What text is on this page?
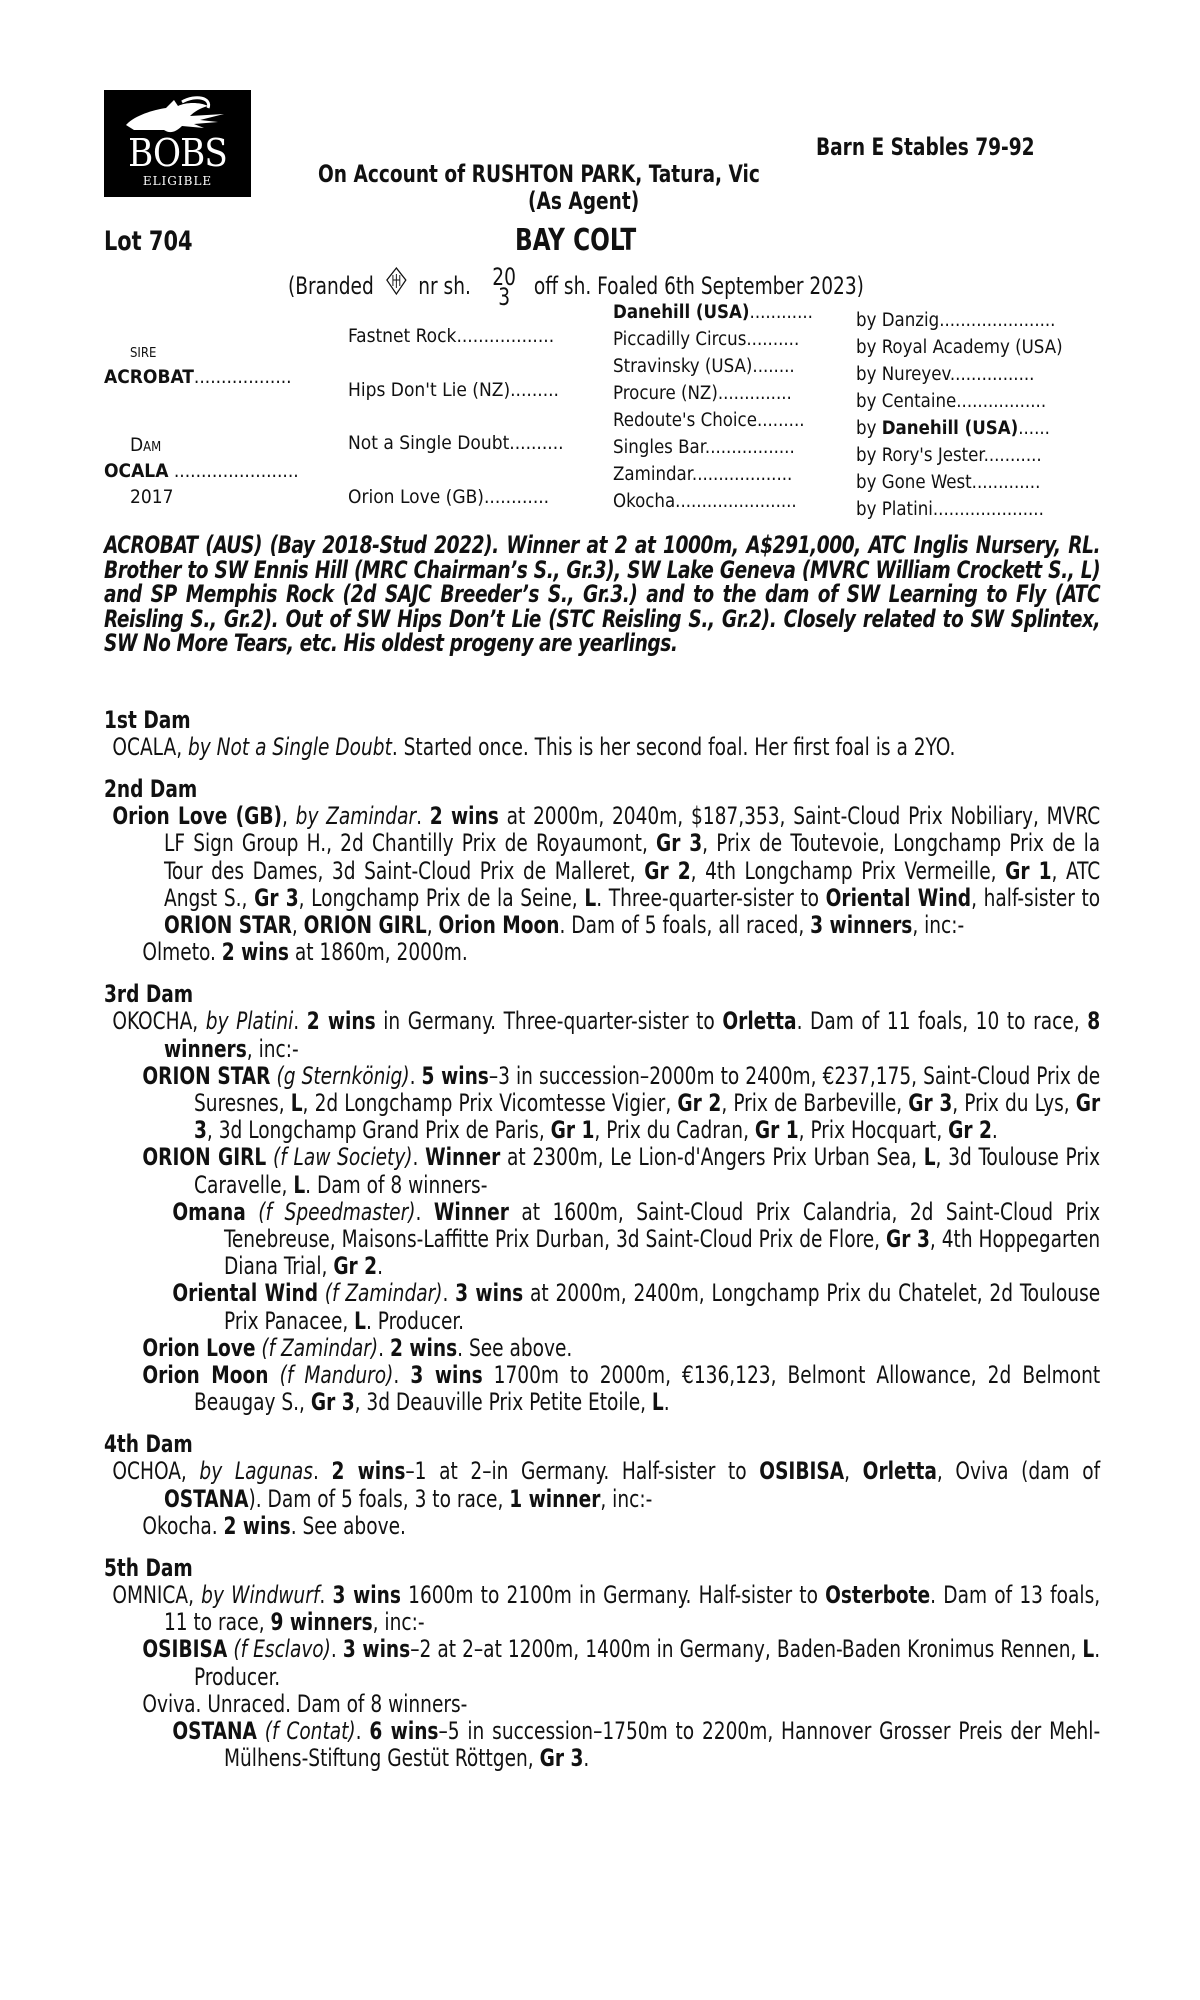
BOBS
ELIGIBLE
Barn E Stables 79-92
On Account of RUSHTON PARK, Tatura, Vic
(As Agent)
Lot 704	BAY COLT
(Branded nr sh. 20
3 off sh. Foaled 6th September 2023)
sire
ACROBAT..................
Dam
OCALA .......................
2017
Fastnet Rock..................
Hips Don't Lie (NZ).........
Not a Single Doubt..........
Orion Love (GB)............
Danehill (USA)............ by Danzig......................
Piccadilly Circus..........	by Royal Academy (USA)
Stravinsky (USA)........	by Nureyev................
Procure (NZ)..............	by Centaine.................
Redoute's Choice.........	by Danehill (USA)......
Singles Bar.................	by Rory's Jester...........
Zamindar...................	by Gone West.............
Okocha.......................	by Platini.....................
ACROBAT (AUS) (Bay 2018-Stud 2022). Winner at 2 at 1000m, A$291,000, ATC Inglis Nursery, RL. Brother to SW Ennis Hill (MRC Chairman’s S., Gr.3), SW Lake Geneva (MVRC William Crockett S., L) and SP Memphis Rock (2d SAJC Breeder’s S., Gr.3.) and to the dam of SW Learning to Fly (ATC Reisling S., Gr.2). Out of SW Hips Don’t Lie (STC Reisling S., Gr.2). Closely related to SW Splintex, SW No More Tears, etc. His oldest progeny are yearlings.

1st Dam

OCALA, by Not a Single Doubt. Started once. This is her second foal. Her first foal is a 2YO.

2nd Dam

Orion Love (GB), by Zamindar. 2 wins at 2000m, 2040m, $187,353, Saint-Cloud Prix Nobiliary, MVRC LF Sign Group H., 2d Chantilly Prix de Royaumont, Gr 3, Prix de Toutevoie, Longchamp Prix de la Tour des Dames, 3d Saint-Cloud Prix de Malleret, Gr 2, 4th Longchamp Prix Vermeille, Gr 1, ATC Angst S., Gr 3, Longchamp Prix de la Seine, L. Three-quarter-sister to Oriental Wind, half-sister to ORION STAR, ORION GIRL, Orion Moon. Dam of 5 foals, all raced, 3 winners, inc:-

Olmeto. 2 wins at 1860m, 2000m.

3rd Dam

OKOCHA, by Platini. 2 wins in Germany. Three-quarter-sister to Orletta. Dam of 11 foals, 10 to race, 8 winners, inc:-

ORION STAR (g Sternkönig). 5 wins–3 in succession–2000m to 2400m, €237,175, Saint-Cloud Prix de Suresnes, L, 2d Longchamp Prix Vicomtesse Vigier, Gr 2, Prix de Barbeville, Gr 3, Prix du Lys, Gr 3, 3d Longchamp Grand Prix de Paris, Gr 1, Prix du Cadran, Gr 1, Prix Hocquart, Gr 2.

ORION GIRL (f Law Society). Winner at 2300m, Le Lion-d'Angers Prix Urban Sea, L, 3d Toulouse Prix Caravelle, L. Dam of 8 winners-

Omana (f Speedmaster). Winner at 1600m, Saint-Cloud Prix Calandria, 2d Saint-Cloud Prix Tenebreuse, Maisons-Laffitte Prix Durban, 3d Saint-Cloud Prix de Flore, Gr 3, 4th Hoppegarten Diana Trial, Gr 2.

Oriental Wind (f Zamindar). 3 wins at 2000m, 2400m, Longchamp Prix du Chatelet, 2d Toulouse Prix Panacee, L. Producer.

Orion Love (f Zamindar). 2 wins. See above.

Orion Moon (f Manduro). 3 wins 1700m to 2000m, €136,123, Belmont Allowance, 2d Belmont Beaugay S., Gr 3, 3d Deauville Prix Petite Etoile, L.

4th Dam

OCHOA, by Lagunas. 2 wins–1 at 2–in Germany. Half-sister to OSIBISA, Orletta, Oviva (dam of OSTANA). Dam of 5 foals, 3 to race, 1 winner, inc:-

Okocha. 2 wins. See above.

5th Dam

OMNICA, by Windwurf. 3 wins 1600m to 2100m in Germany. Half-sister to Osterbote. Dam of 13 foals, 11 to race, 9 winners, inc:-

OSIBISA (f Esclavo). 3 wins–2 at 2–at 1200m, 1400m in Germany, Baden-Baden Kronimus Rennen, L. Producer.

Oviva. Unraced. Dam of 8 winners-

OSTANA (f Contat). 6 wins–5 in succession–1750m to 2200m, Hannover Grosser Preis der Mehl-Mülhens-Stiftung Gestüt Röttgen, Gr 3.
